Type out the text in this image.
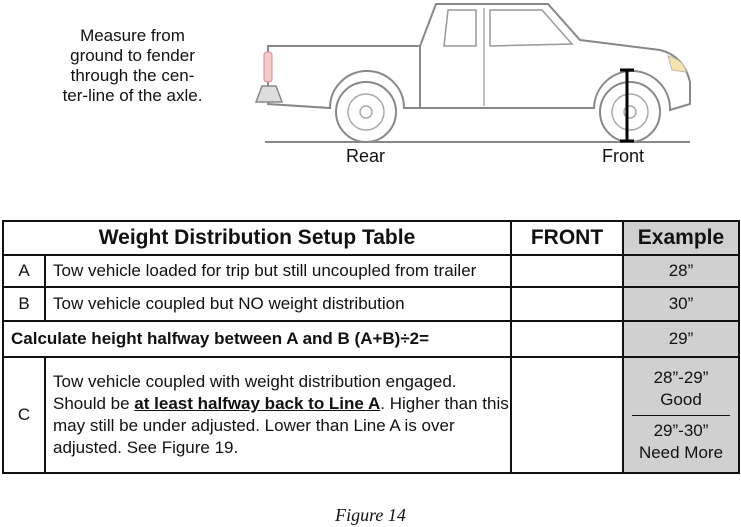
Measure from
ground to fender
through the cen-
ter-line of the axle.
Rear	Front
Weight Distribution Setup Table		FRONT	Example
A	Tow vehicle loaded for trip but still uncoupled from trailer		28”
B	Tow vehicle coupled but NO weight distribution		30”
Calculate height halfway between A and B (A+B)÷2=			29”
C	Tow vehicle coupled with weight distribution engaged. Should be at least halfway back to Line A. Higher than this may still be under adjusted. Lower than Line A is over adjusted. See Figure 19.		28”-29”
Good
29”-30”
Need More
Figure 14
